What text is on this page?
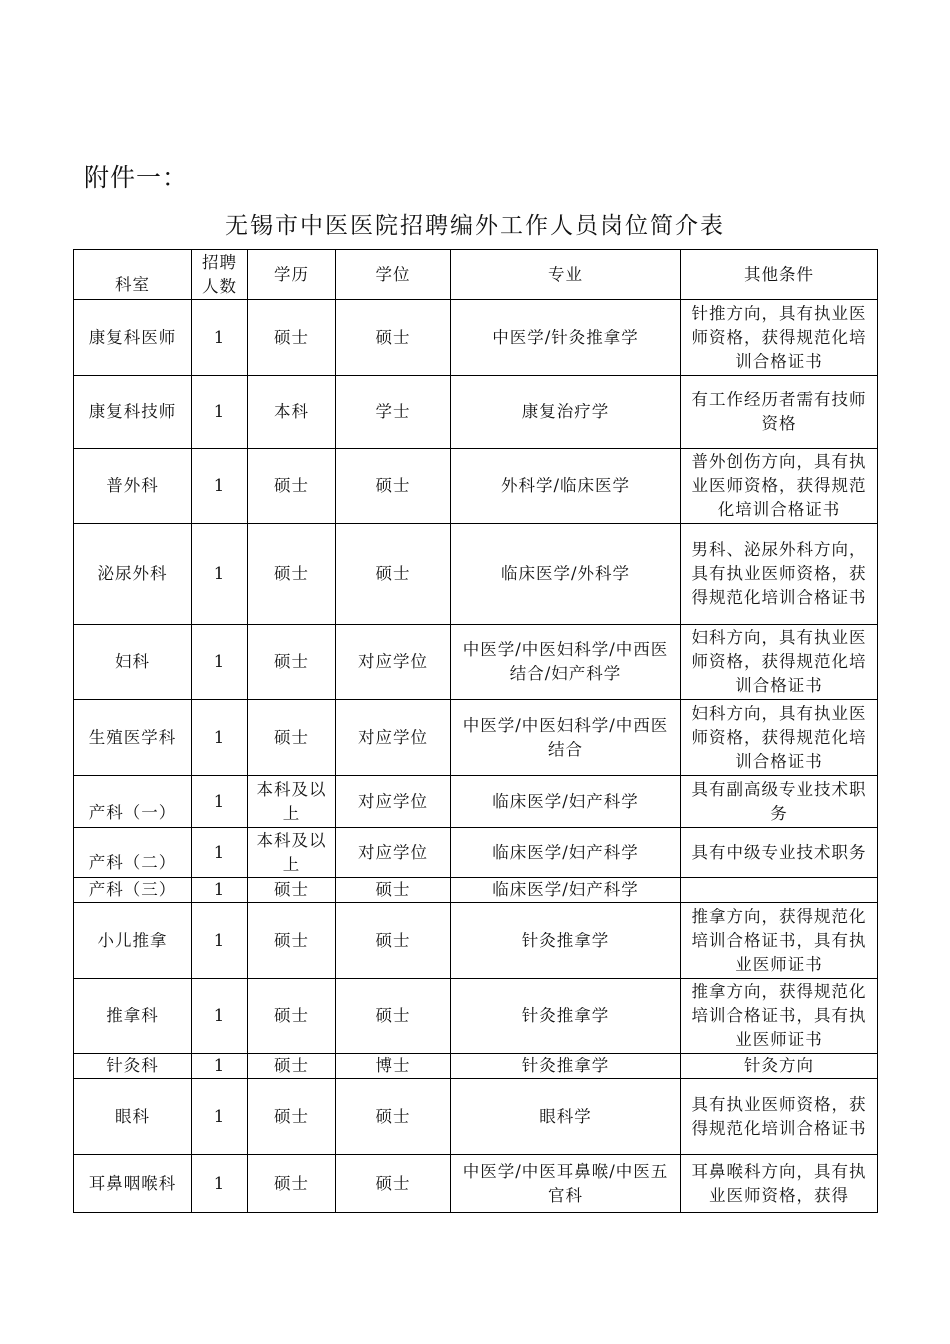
附件一：
无锡市中医医院招聘编外工作人员岗位简介表
科室	招聘人数	学历	学位	专业	其他条件
康复科医师	1	硕士	硕士	中医学/针灸推拿学	针推方向，具有执业医师资格，获得规范化培训合格证书
康复科技师	1	本科	学士	康复治疗学	有工作经历者需有技师资格
普外科	1	硕士	硕士	外科学/临床医学	普外创伤方向，具有执业医师资格，获得规范化培训合格证书
泌尿外科	1	硕士	硕士	临床医学/外科学	男科、泌尿外科方向，具有执业医师资格，获得规范化培训合格证书
妇科	1	硕士	对应学位	中医学/中医妇科学/中西医结合/妇产科学	妇科方向，具有执业医师资格，获得规范化培训合格证书
生殖医学科	1	硕士	对应学位	中医学/中医妇科学/中西医结合	妇科方向，具有执业医师资格，获得规范化培训合格证书
产科（一）	1	本科及以上	对应学位	临床医学/妇产科学	具有副高级专业技术职务
产科（二）	1	本科及以上	对应学位	临床医学/妇产科学	具有中级专业技术职务
产科（三）	1	硕士	硕士	临床医学/妇产科学	
小儿推拿	1	硕士	硕士	针灸推拿学	推拿方向，获得规范化培训合格证书，具有执业医师证书
推拿科	1	硕士	硕士	针灸推拿学	推拿方向，获得规范化培训合格证书，具有执业医师证书
针灸科	1	硕士	博士	针灸推拿学	针灸方向
眼科	1	硕士	硕士	眼科学	具有执业医师资格，获得规范化培训合格证书
耳鼻咽喉科	1	硕士	硕士	中医学/中医耳鼻喉/中医五官科	耳鼻喉科方向，具有执业医师资格，获得
